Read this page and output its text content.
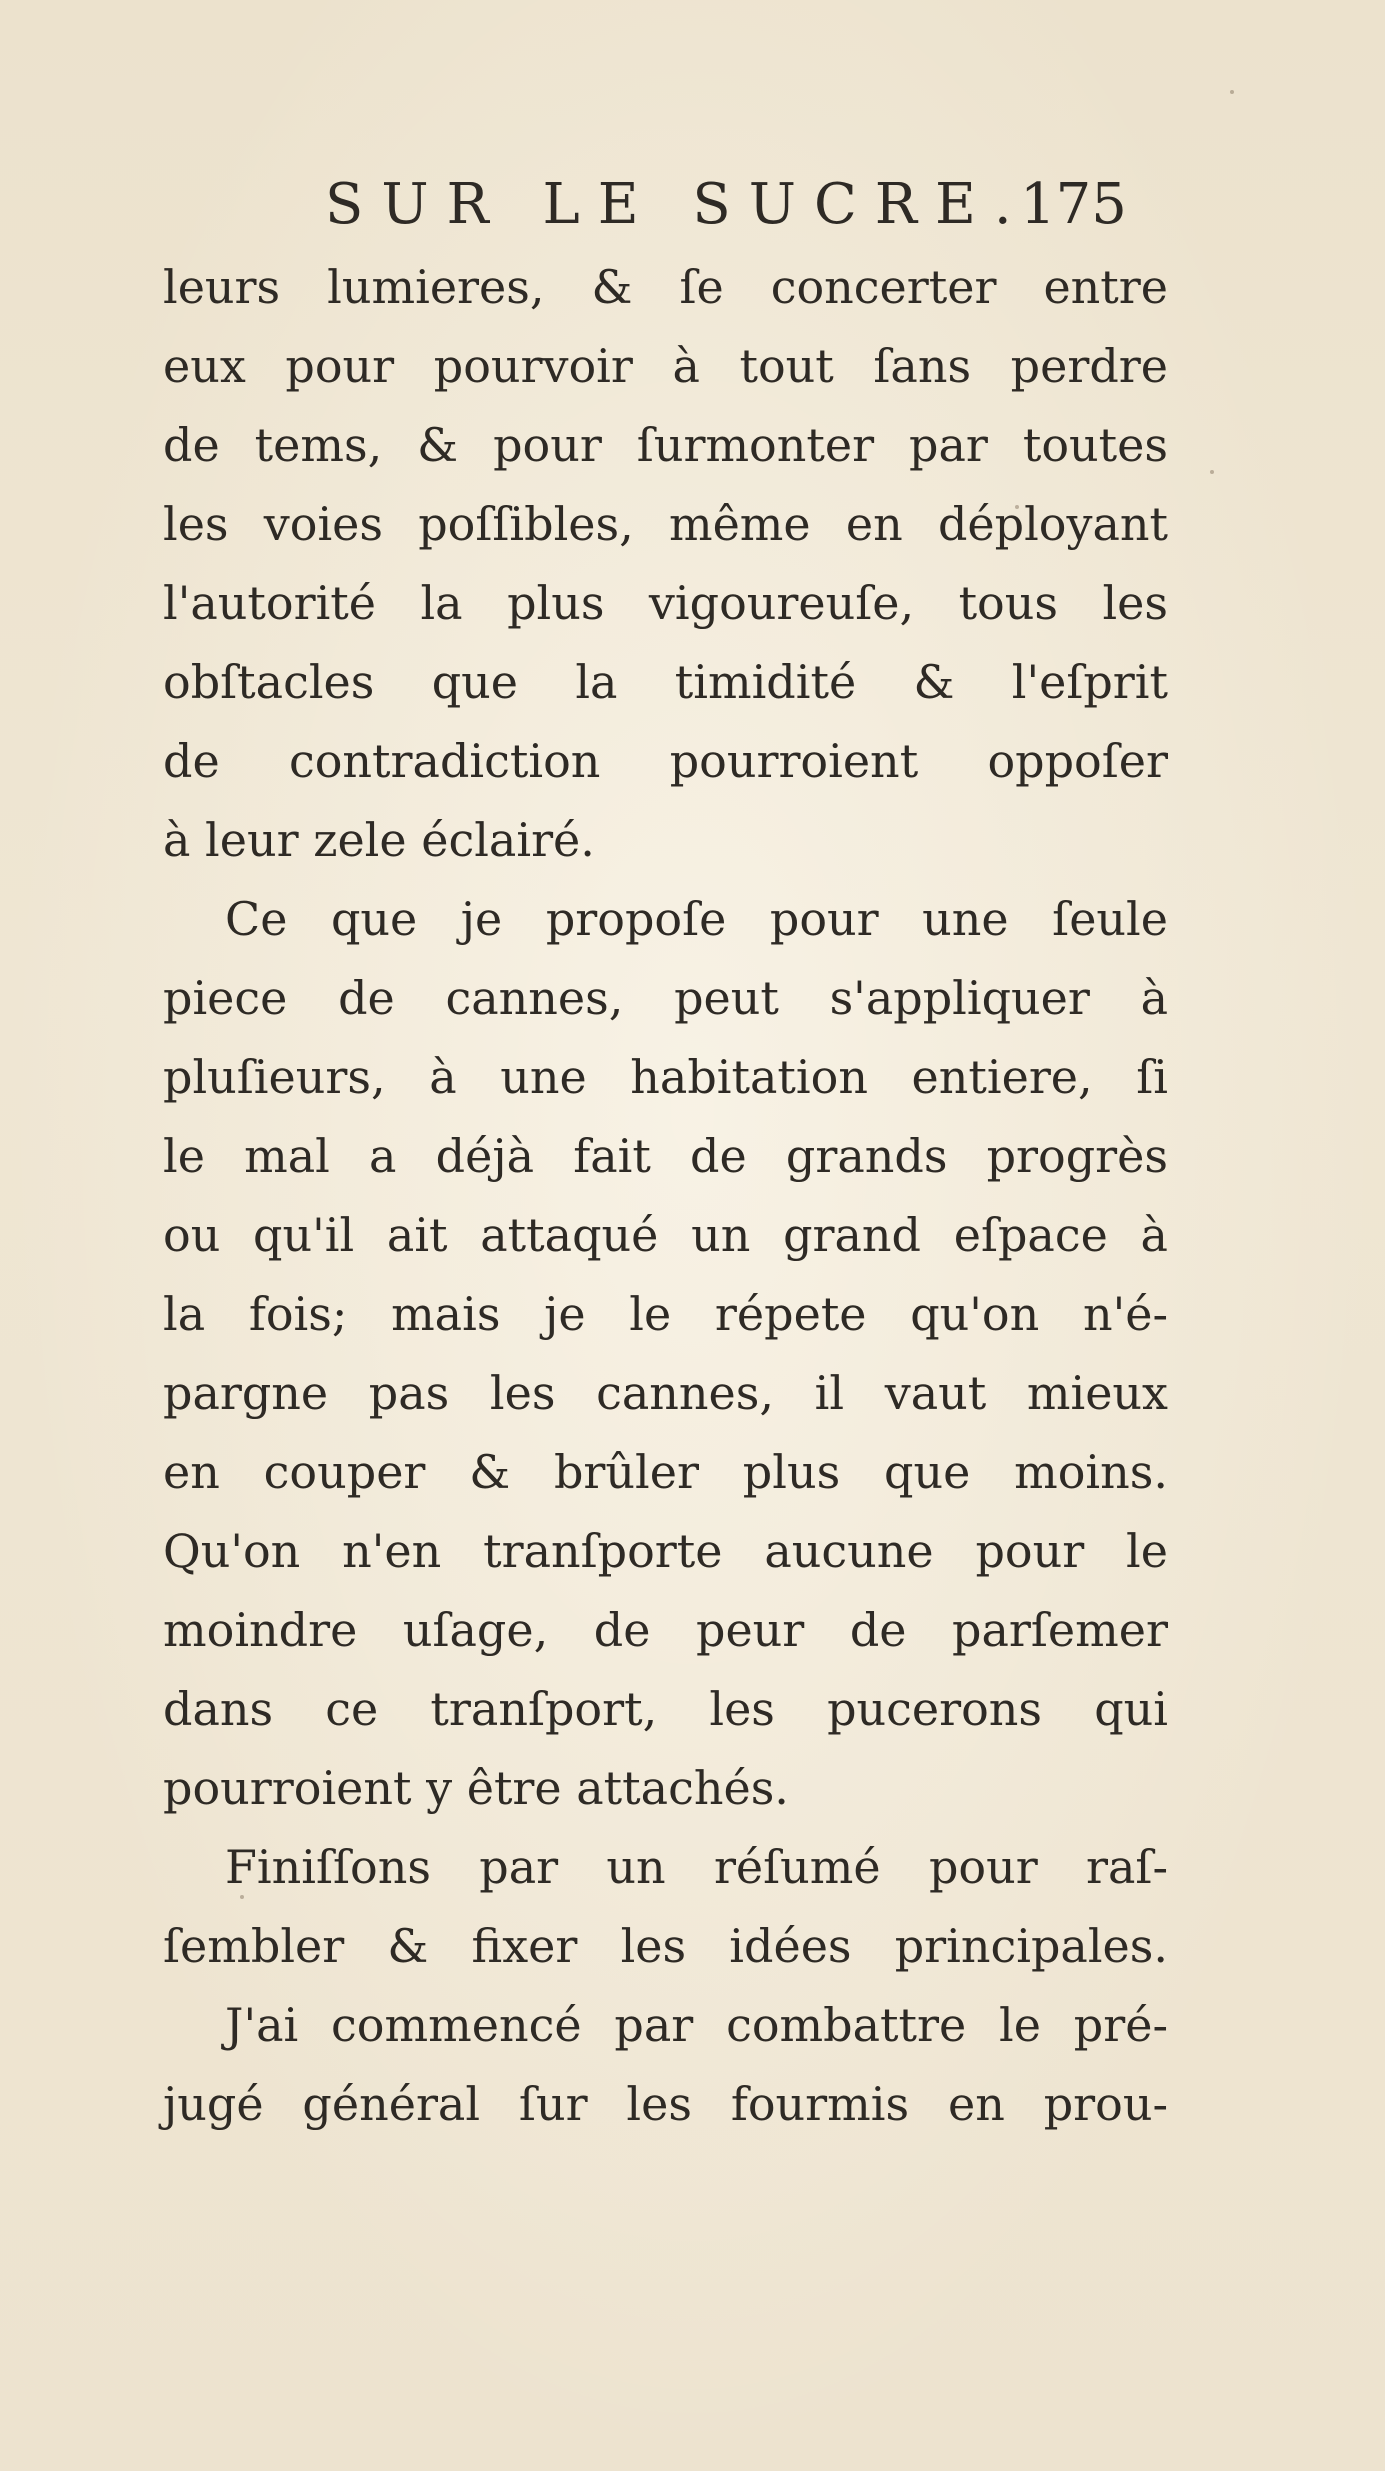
SUR LE SUCRE.
175
leurs lumieres, & ſe concerter entre
eux pour pourvoir à tout ſans perdre
de tems, & pour ſurmonter par toutes
les voies poſſibles, même en déployant
l'autorité la plus vigoureuſe, tous les
obſtacles que la timidité & l'eſprit
de contradiction pourroient oppoſer
à leur zele éclairé.
Ce que je propoſe pour une ſeule
piece de cannes, peut s'appliquer à
pluſieurs, à une habitation entiere, ſi
le mal a déjà fait de grands progrès
ou qu'il ait attaqué un grand eſpace à
la fois; mais je le répete qu'on n'é-
pargne pas les cannes, il vaut mieux
en couper & brûler plus que moins.
Qu'on n'en tranſporte aucune pour le
moindre uſage, de peur de parſemer
dans ce tranſport, les pucerons qui
pourroient y être attachés.
Finiſſons par un réſumé pour raſ-
ſembler & fixer les idées principales.
J'ai commencé par combattre le pré-
jugé général ſur les fourmis en prou-
